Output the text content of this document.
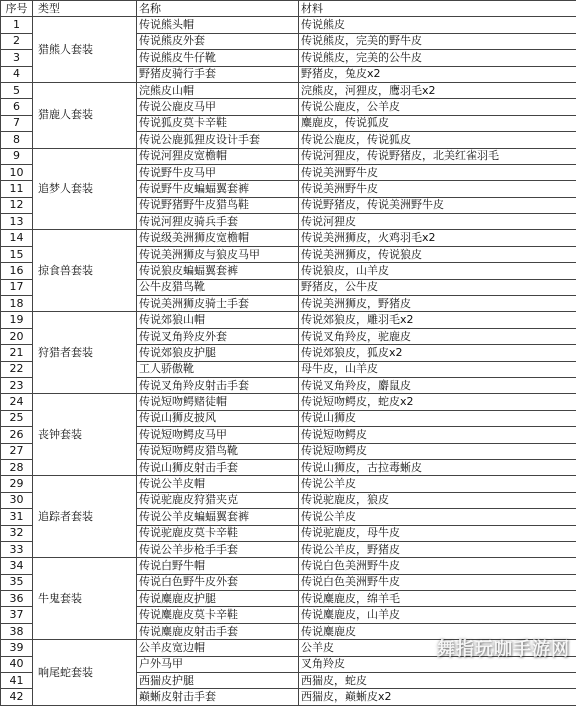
序号	类型	名称	材料
1	猎熊人套装	传说熊头帽	传说熊皮
2		传说熊皮外套	传说熊皮，完美的野牛皮
3		传说熊皮牛仔靴	传说熊皮，完美的公牛皮
4		野猪皮骑行手套	野猪皮，兔皮x2
5	猎鹿人套装	浣熊皮山帽	浣熊皮，河狸皮，鹰羽毛x2
6		传说公鹿皮马甲	传说公鹿皮，公羊皮
7		传说狐皮莫卡辛鞋	麋鹿皮，传说狐皮
8		传说公鹿狐狸皮设计手套	传说公鹿皮，传说狐皮
9	追梦人套装	传说河狸皮宽檐帽	传说河狸皮，传说野猪皮，北美红雀羽毛
10		传说野牛皮马甲	传说美洲野牛皮
11		传说野牛皮蝙蝠翼套裤	传说美洲野牛皮
12		传说野猪野牛皮猎鸟鞋	传说野猪皮，传说美洲野牛皮
13		传说河狸皮骑兵手套	传说河狸皮
14	掠食兽套装	传说级美洲狮皮宽檐帽	传说美洲狮皮，火鸡羽毛x2
15		传说美洲狮皮与狼皮马甲	传说美洲狮皮，传说狼皮
16		传说狼皮蝙蝠翼套裤	传说狼皮，山羊皮
17		公牛皮猎鸟靴	野猪皮，公牛皮
18		传说美洲狮皮骑士手套	传说美洲狮皮，野猪皮
19	狩猎者套装	传说郊狼山帽	传说郊狼皮，雕羽毛x2
20		传说叉角羚皮外套	传说叉角羚皮，驼鹿皮
21		传说郊狼皮护腿	传说郊狼皮，狐皮x2
22		工人骄傲靴	母牛皮，山羊皮
23		传说叉角羚皮射击手套	传说叉角羚皮，麝鼠皮
24	丧钟套装	传说短吻鳄赌徒帽	传说短吻鳄皮，蛇皮x2
25		传说山狮皮披风	传说山狮皮
26		传说短吻鳄皮马甲	传说短吻鳄皮
27		传说短吻鳄皮猎鸟靴	传说短吻鳄皮
28		传说山狮皮射击手套	传说山狮皮，古拉毒蜥皮
29	追踪者套装	传说公羊皮帽	传说公羊皮
30		传说驼鹿皮狩猎夹克	传说驼鹿皮，狼皮
31		传说公羊皮蝙蝠翼套裤	传说公羊皮
32		传说驼鹿皮莫卡辛鞋	传说驼鹿皮，母牛皮
33		传说公羊步枪手手套	传说公羊皮，野猪皮
34	牛鬼套装	传说白野牛帽	传说白色美洲野牛皮
35		传说白色野牛皮外套	传说白色美洲野牛皮
36		传说麋鹿皮护腿	传说麋鹿皮，绵羊毛
37		传说麋鹿皮莫卡辛鞋	传说麋鹿皮，山羊皮
38		传说麋鹿皮射击手套	传说麋鹿皮
39	响尾蛇套装	公羊皮宽边帽	公羊皮
40		户外马甲	叉角羚皮
41		西猯皮护腿	西猯皮，蛇皮
42		巅蜥皮射击手套	西猯皮，巅蜥皮x2
舞指玩咖手游网
